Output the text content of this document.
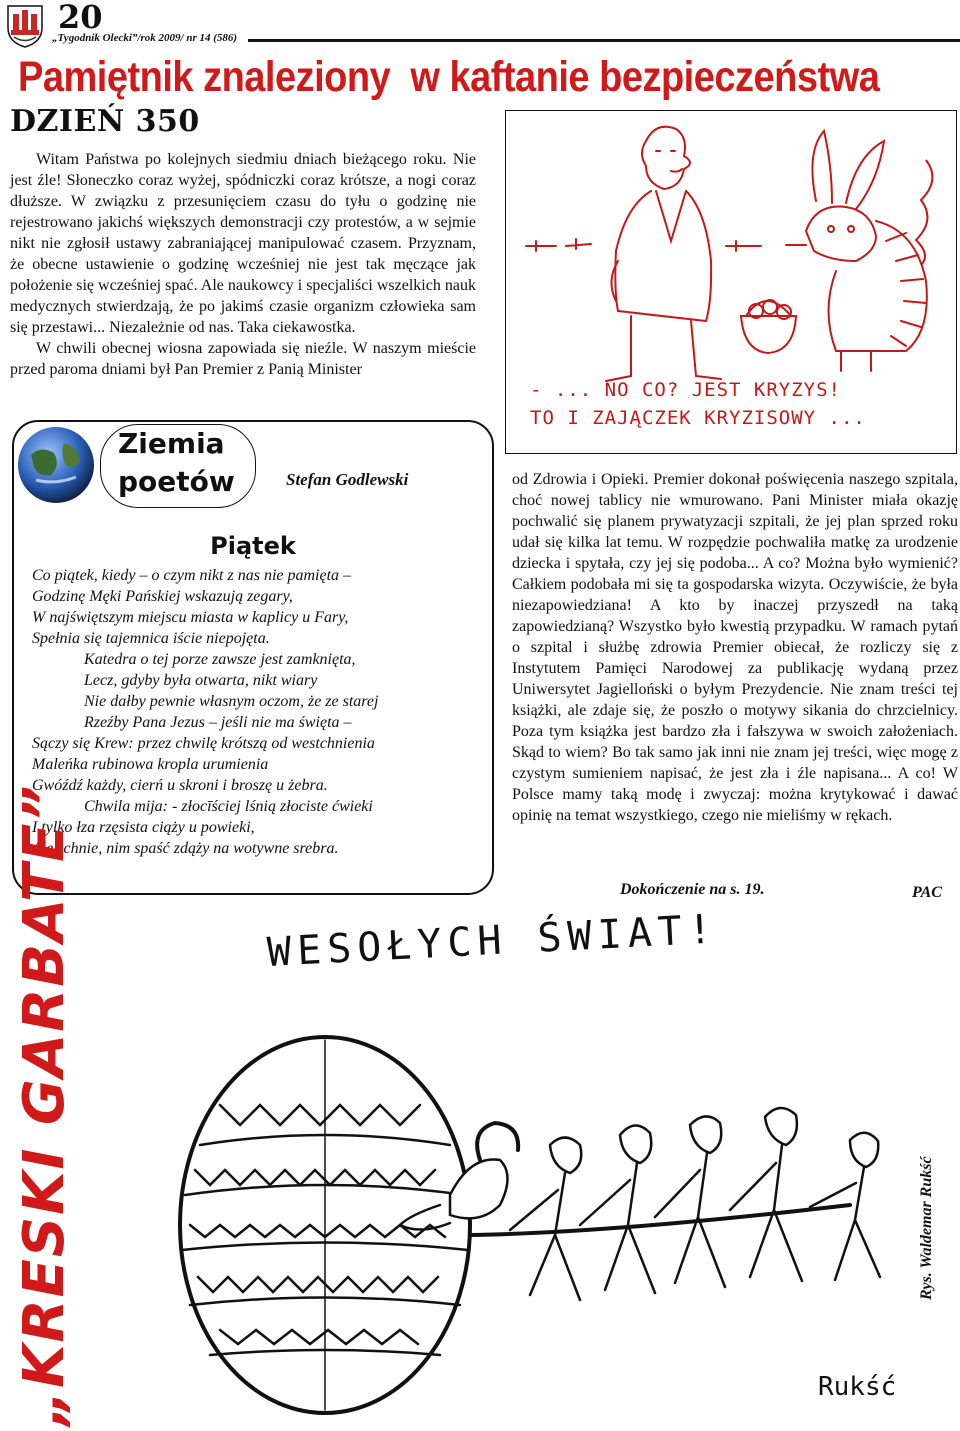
20
„Tygodnik Olecki”/rok 2009/ nr 14 (586)
Pamiętnik znaleziony  w kaftanie bezpieczeństwa
DZIEŃ 350

Witam Państwa po kolejnych siedmiu dniach bieżącego roku. Nie jest źle! Słoneczko coraz wyżej, spódniczki coraz krótsze, a nogi coraz dłuższe. W związku z przesunięciem czasu do tyłu o godzinę nie rejestrowano jakichś większych demonstracji czy protestów, a w sejmie nikt nie zgłosił ustawy zabraniającej manipulować czasem. Przyznam, że obecne ustawienie o godzinę wcześniej nie jest tak męczące jak położenie się wcześniej spać. Ale naukowcy i specjaliści wszelkich nauk medycznych stwierdzają, że po jakimś czasie organizm człowieka sam się przestawi... Niezależnie od nas. Taka ciekawostka.

W chwili obecnej wiosna zapowiada się nieźle. W naszym mieście przed paroma dniami był Pan Premier z Panią Minister

- ... NO CO? JEST KRYZYS!
TO I ZAJĄCZEK KRYZISOWY ...
Ziemia
poetów	Stefan Godlewski
Piątek
Co piątek, kiedy – o czym nikt z nas nie pamięta –
Godzinę Męki Pańskiej wskazują zegary,
W najświętszym miejscu miasta w kaplicy u Fary,
Spełnia się tajemnica iście niepojęta.
Katedra o tej porze zawsze jest zamknięta,
Lecz, gdyby była otwarta, nikt wiary
Nie dałby pewnie własnym oczom, że ze starej
Rzeźby Pana Jezus – jeśli nie ma święta –
Sączy się Krew: przez chwilę krótszą od westchnienia
Maleńka rubinowa kropla urumienia
Gwóźdź każdy, cierń u skroni i broszę u żebra.
Chwila mija: - złocīściej lśnią złociste ćwieki
I tylko łza rzęsista ciąży u powieki,
Ale schnie, nim spaść zdąży na wotywne srebra.

od Zdrowia i Opieki. Premier dokonał poświęcenia naszego szpitala, choć nowej tablicy nie wmurowano. Pani Minister miała okazję pochwalić się planem prywatyzacji szpitali, że jej plan sprzed roku udał się kilka lat temu. W rozpędzie pochwaliła matkę za urodzenie dziecka i spytała, czy jej się podoba... A co? Można było wymienić? Całkiem podobała mi się ta gospodarska wizyta. Oczywiście, że była niezapowiedziana! A kto by inaczej przyszedł na taką zapowiedzianą? Wszystko było kwestią przypadku. W ramach pytań o szpital i służbę zdrowia Premier obiecał, że rozliczy się z Instytutem Pamięci Narodowej za publikację wydaną przez Uniwersytet Jagielloński o byłym Prezydencie. Nie znam treści tej książki, ale zdaje się, że poszło o motywy sikania do chrzcielnicy. Poza tym książka jest bardzo zła i fałszywa w swoich założeniach. Skąd to wiem? Bo tak samo jak inni nie znam jej treści, więc mogę z czystym sumieniem napisać, że jest zła i źle napisana... A co! W Polsce mamy taką modę i zwyczaj: można krytykować i dawać opinię na temat wszystkiego, czego nie mieliśmy w rękach.

Dokończenie na s. 19.	PAC
„KRESKI GARBATE”	WESOŁYCH ŚWIAT!
Rukść
Rys. Waldemar Rukść
